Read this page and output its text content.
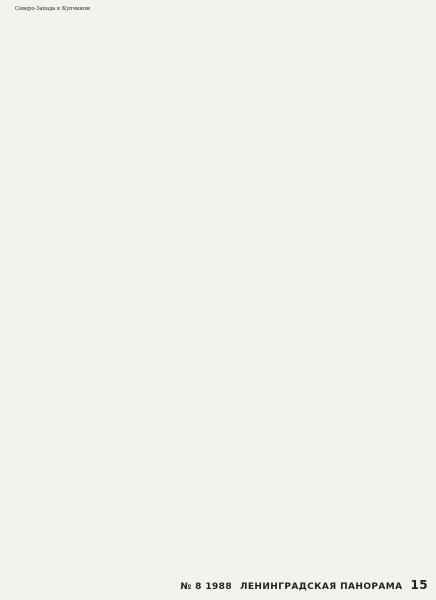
Северо-Запада к Купчином

№ 8 1988 ЛЕНИНГРАДСКАЯ ПАНОРАМА 15
